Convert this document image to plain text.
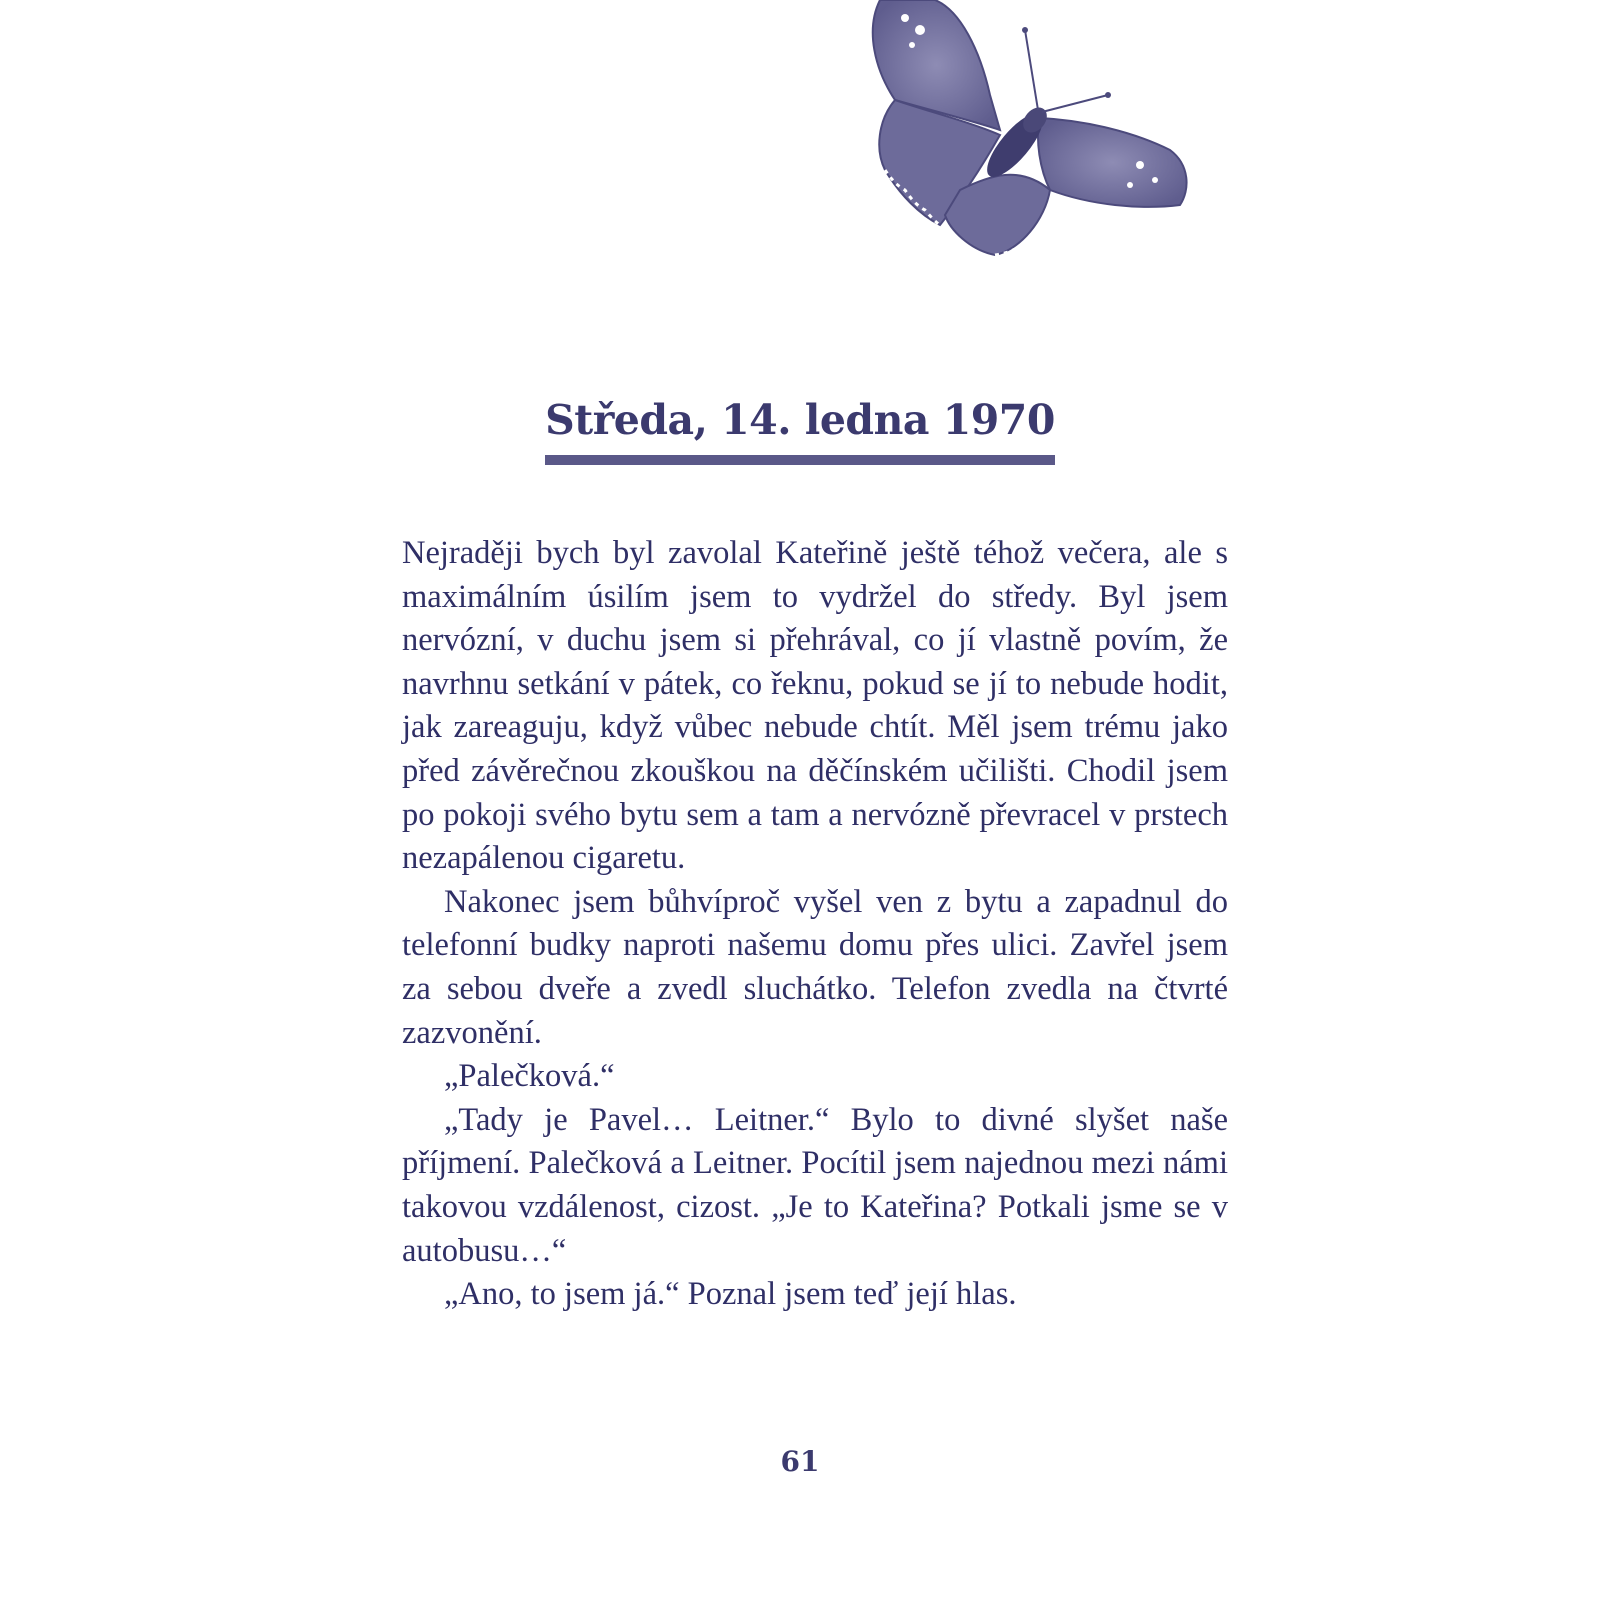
Středa, 14. ledna 1970

Nejraději bych byl zavolal Kateřině ještě téhož večera, ale s maximálním úsilím jsem to vydržel do středy. Byl jsem nervózní, v duchu jsem si přehrával, co jí vlastně povím, že navrhnu setkání v pátek, co řeknu, pokud se jí to nebude hodit, jak zareaguju, když vůbec nebude chtít. Měl jsem trému jako před závěrečnou zkouškou na děčínském učilišti. Chodil jsem po pokoji svého bytu sem a tam a nervózně převracel v prstech nezapálenou cigaretu.

Nakonec jsem bůhvíproč vyšel ven z bytu a zapadnul do telefonní budky naproti našemu domu přes ulici. Zavřel jsem za sebou dveře a zvedl sluchátko. Telefon zvedla na čtvrté zazvonění.

„Palečková.“

„Tady je Pavel… Leitner.“ Bylo to divné slyšet naše příjmení. Palečková a Leitner. Pocítil jsem najednou mezi námi takovou vzdálenost, cizost. „Je to Kateřina? Potkali jsme se v autobusu…“

„Ano, to jsem já.“ Poznal jsem teď její hlas.

61
